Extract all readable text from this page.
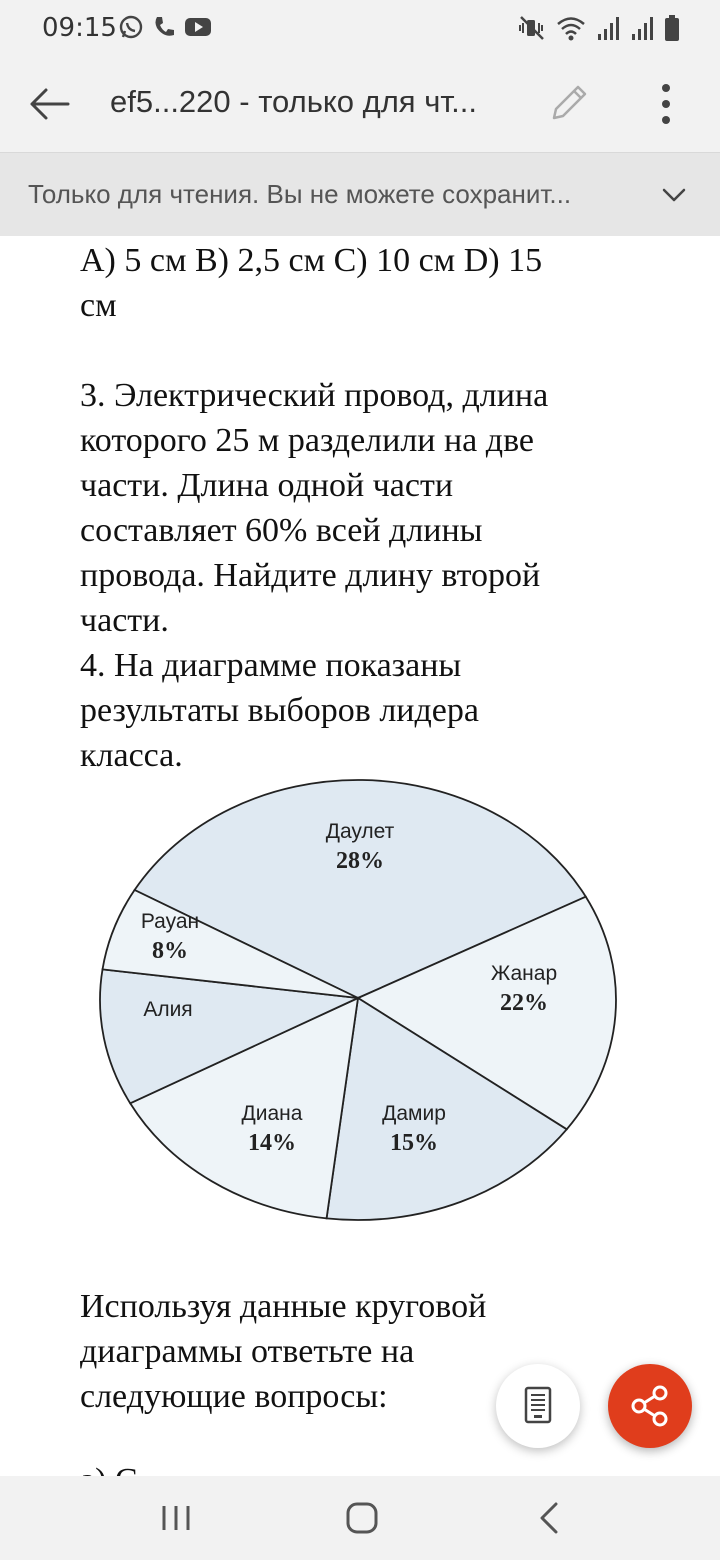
09:15
ef5...220 - только для чт...
Только для чтения. Вы не можете сохранит...

A) 5 см B) 2,5 см C) 10 см D) 15

см

3. Электрический провод, длина

которого 25 м разделили на две

части. Длина одной части

составляет 60% всей длины

провода. Найдите длину второй

части.

4. На диаграмме показаны

результаты выборов лидера

класса.

Даулет
28%
Жанар
22%
Дамир
15%
Диана
14%
Алия
Рауан
8%

Используя данные круговой

диаграммы ответьте на

следующие вопросы:
